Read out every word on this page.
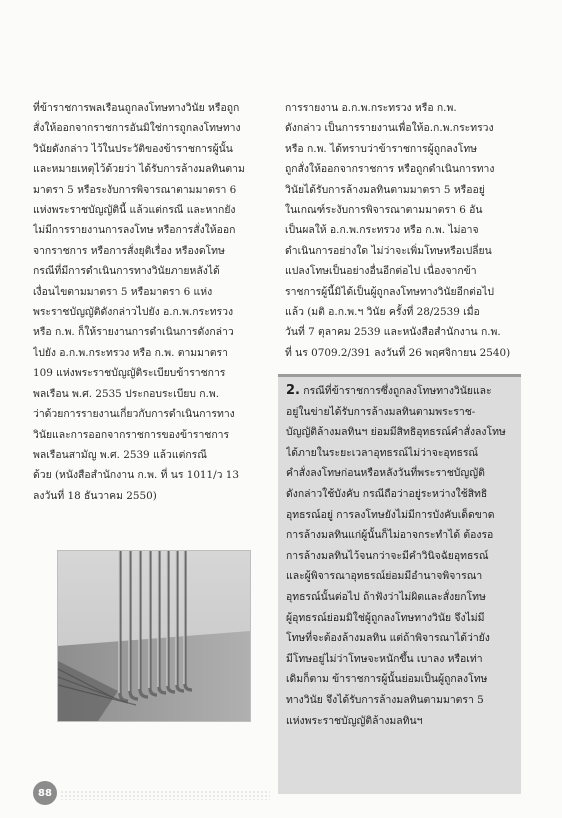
ที่ข้าราชการพลเรือนถูกลงโทษทางวินัย หรือถูก
สั่งให้ออกจากราชการอันมิใช่การถูกลงโทษทาง
วินัยดังกล่าว ไว้ในประวัติของข้าราชการผู้นั้น
และหมายเหตุไว้ด้วยว่า ได้รับการล้างมลทินตาม
มาตรา 5 หรือระงับการพิจารณาตามมาตรา 6
แห่งพระราชบัญญัตินี้ แล้วแต่กรณี และหากยัง
ไม่มีการรายงานการลงโทษ หรือการสั่งให้ออก
จากราชการ หรือการสั่งยุติเรื่อง หรืองดโทษ
กรณีที่มีการดำเนินการทางวินัยภายหลังได้
เงื่อนไขตามมาตรา 5 หรือมาตรา 6 แห่ง
พระราชบัญญัติดังกล่าวไปยัง อ.ก.พ.กระทรวง
หรือ ก.พ. ก็ให้รายงานการดำเนินการดังกล่าว
ไปยัง อ.ก.พ.กระทรวง หรือ ก.พ. ตามมาตรา
109 แห่งพระราชบัญญัติระเบียบข้าราชการ
พลเรือน พ.ศ. 2535 ประกอบระเบียบ ก.พ.
ว่าด้วยการรายงานเกี่ยวกับการดำเนินการทาง
วินัยและการออกจากราชการของข้าราชการ
พลเรือนสามัญ พ.ศ. 2539 แล้วแต่กรณี
ด้วย (หนังสือสำนักงาน ก.พ. ที่ นร 1011/ว 13
ลงวันที่ 18 ธันวาคม 2550)
การรายงาน อ.ก.พ.กระทรวง หรือ ก.พ.
ดังกล่าว เป็นการรายงานเพื่อให้อ.ก.พ.กระทรวง
หรือ ก.พ. ได้ทราบว่าข้าราชการผู้ถูกลงโทษ
ถูกสั่งให้ออกจากราชการ หรือถูกดำเนินการทาง
วินัยได้รับการล้างมลทินตามมาตรา 5 หรืออยู่
ในเกณฑ์ระงับการพิจารณาตามมาตรา 6 อัน
เป็นผลให้ อ.ก.พ.กระทรวง หรือ ก.พ. ไม่อาจ
ดำเนินการอย่างใด ไม่ว่าจะเพิ่มโทษหรือเปลี่ยน
แปลงโทษเป็นอย่างอื่นอีกต่อไป เนื่องจากข้า
ราชการผู้นี้มิได้เป็นผู้ถูกลงโทษทางวินัยอีกต่อไป
แล้ว (มติ อ.ก.พ.ฯ วินัย ครั้งที่ 28/2539 เมื่อ
วันที่ 7 ตุลาคม 2539 และหนังสือสำนักงาน ก.พ.
ที่ นร 0709.2/391 ลงวันที่ 26 พฤศจิกายน 2540)
2. กรณีที่ข้าราชการซึ่งถูกลงโทษทางวินัยและ
อยู่ในข่ายได้รับการล้างมลทินตามพระราช-
บัญญัติล้างมลทินฯ ย่อมมีสิทธิอุทธรณ์คำสั่งลงโทษ
ได้ภายในระยะเวลาอุทธรณ์ไม่ว่าจะอุทธรณ์
คำสั่งลงโทษก่อนหรือหลังวันที่พระราชบัญญัติ
ดังกล่าวใช้บังคับ กรณีถือว่าอยู่ระหว่างใช้สิทธิ
อุทธรณ์อยู่ การลงโทษยังไม่มีการบังคับเด็ดขาด
การล้างมลทินแก่ผู้นั้นก็ไม่อาจกระทำได้ ต้องรอ
การล้างมลทินไว้จนกว่าจะมีคำวินิจฉัยอุทธรณ์
และผู้พิจารณาอุทธรณ์ย่อมมีอำนาจพิจารณา
อุทธรณ์นั้นต่อไป ถ้าฟังว่าไม่ผิดและสั่งยกโทษ
ผู้อุทธรณ์ย่อมมิใช่ผู้ถูกลงโทษทางวินัย จึงไม่มี
โทษที่จะต้องล้างมลทิน แต่ถ้าพิจารณาได้ว่ายัง
มีโทษอยู่ไม่ว่าโทษจะหนักขึ้น เบาลง หรือเท่า
เดิมก็ตาม ข้าราชการผู้นั้นย่อมเป็นผู้ถูกลงโทษ
ทางวินัย จึงได้รับการล้างมลทินตามมาตรา 5
แห่งพระราชบัญญัติล้างมลทินฯ
88
